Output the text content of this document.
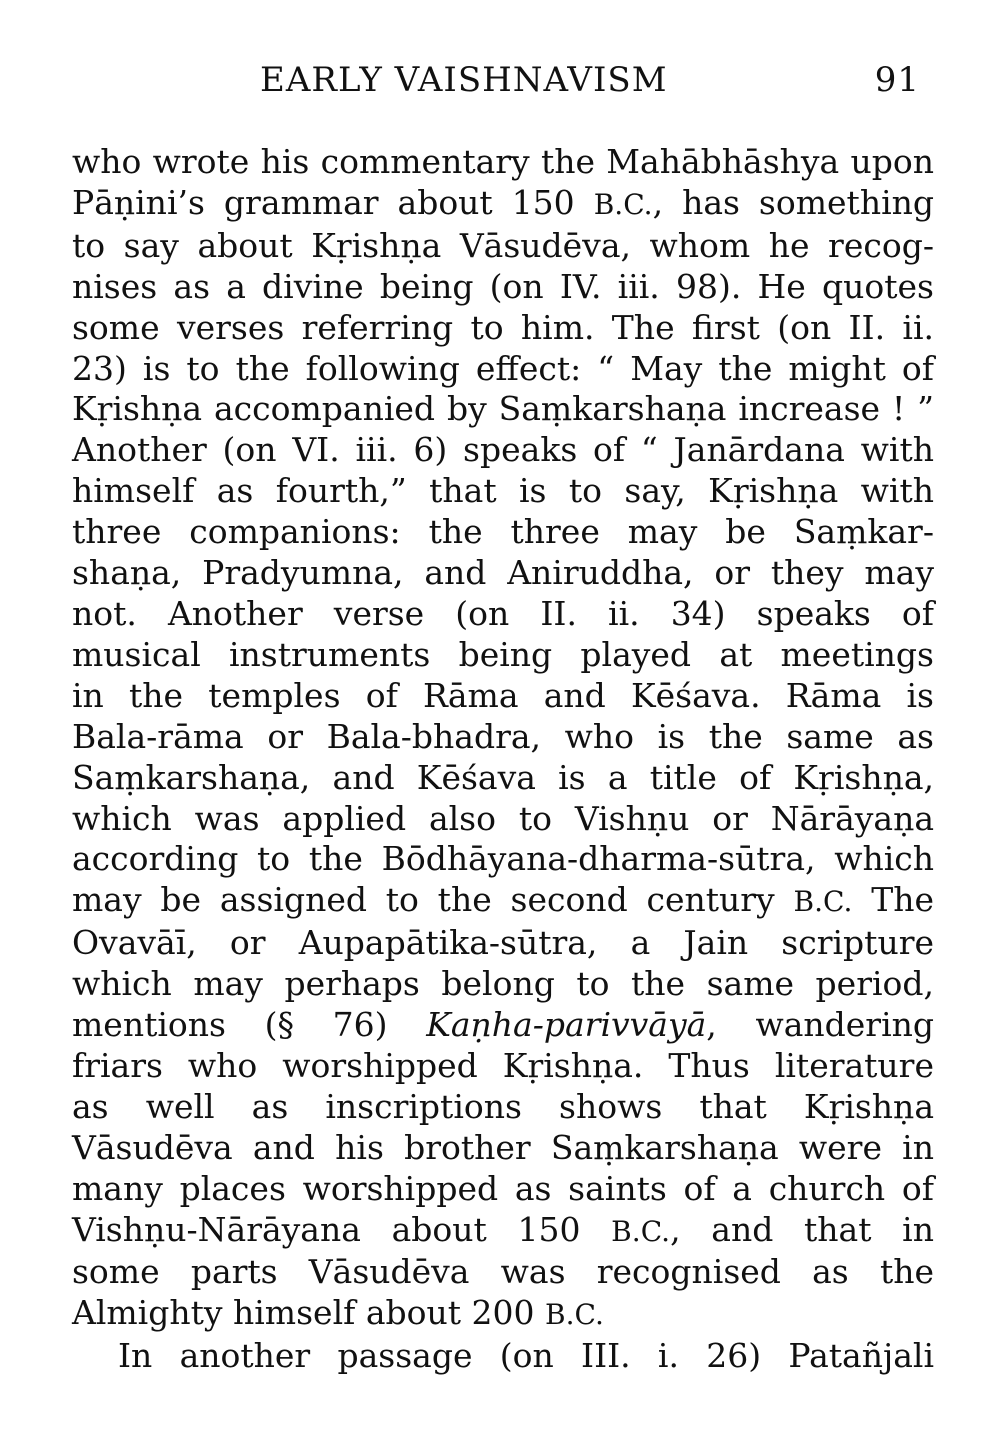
EARLY VAISHNAVISM	91
who wrote his commentary the Mahābhāshya upon
Pāṇini’s grammar about 150 B.C., has something
to say about Kṛishṇa Vāsudēva, whom he recog-
nises as a divine being (on IV. iii. 98). He quotes
some verses referring to him. The first (on II. ii.
23) is to the following effect: “ May the might of
Kṛishṇa accompanied by Saṃkarshaṇa increase ! ”
Another (on VI. iii. 6) speaks of “ Janārdana with
himself as fourth,” that is to say, Kṛishṇa with
three companions: the three may be Saṃkar-
shaṇa, Pradyumna, and Aniruddha, or they may
not. Another verse (on II. ii. 34) speaks of
musical instruments being played at meetings
in the temples of Rāma and Kēśava. Rāma is
Bala-rāma or Bala-bhadra, who is the same as
Saṃkarshaṇa, and Kēśava is a title of Kṛishṇa,
which was applied also to Vishṇu or Nārāyaṇa
according to the Bōdhāyana-dharma-sūtra, which
may be assigned to the second century B.C. The
Ovavāī, or Aupapātika-sūtra, a Jain scripture
which may perhaps belong to the same period,
mentions (§ 76) Kaṇha-parivvāyā, wandering
friars who worshipped Kṛishṇa. Thus literature
as well as inscriptions shows that Kṛishṇa
Vāsudēva and his brother Saṃkarshaṇa were in
many places worshipped as saints of a church of
Vishṇu-Nārāyana about 150 B.C., and that in
some parts Vāsudēva was recognised as the
Almighty himself about 200 B.C.
In another passage (on III. i. 26) Patañjali
